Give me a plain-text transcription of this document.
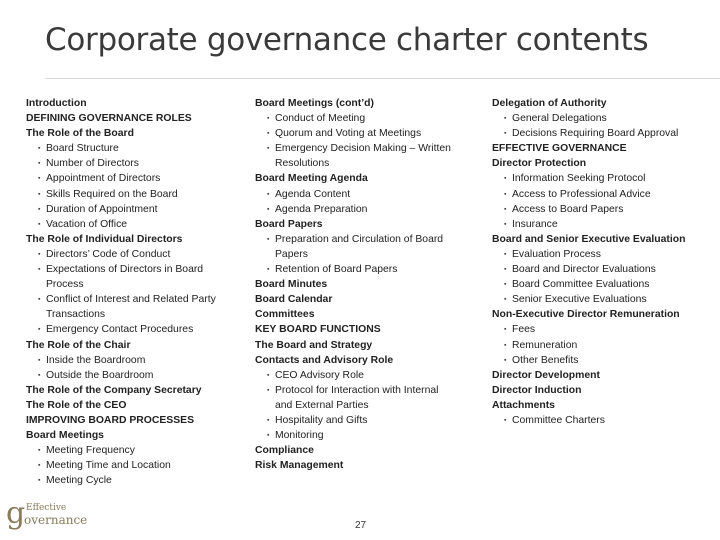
Corporate governance charter contents
Introduction
DEFINING GOVERNANCE ROLES
The Role of the Board
▪ Board Structure
▪ Number of Directors
▪ Appointment of Directors
▪ Skills Required on the Board
▪ Duration of Appointment
▪ Vacation of Office
The Role of Individual Directors
▪ Directors’ Code of Conduct
▪ Expectations of Directors in Board
Process
▪ Conflict of Interest and Related Party
Transactions
▪ Emergency Contact Procedures
The Role of the Chair
▪ Inside the Boardroom
▪ Outside the Boardroom
The Role of the Company Secretary
The Role of the CEO
IMPROVING BOARD PROCESSES
Board Meetings
▪ Meeting Frequency
▪ Meeting Time and Location
▪ Meeting Cycle
Board Meetings (cont’d)
▪ Conduct of Meeting
▪ Quorum and Voting at Meetings
▪ Emergency Decision Making – Written
Resolutions
Board Meeting Agenda
▪ Agenda Content
▪ Agenda Preparation
Board Papers
▪ Preparation and Circulation of Board
Papers
▪ Retention of Board Papers
Board Minutes
Board Calendar
Committees
KEY BOARD FUNCTIONS
The Board and Strategy
Contacts and Advisory Role
▪ CEO Advisory Role
▪ Protocol for Interaction with Internal
and External Parties
▪ Hospitality and Gifts
▪ Monitoring
Compliance
Risk Management
Delegation of Authority
▪ General Delegations
▪ Decisions Requiring Board Approval
EFFECTIVE GOVERNANCE
Director Protection
▪ Information Seeking Protocol
▪ Access to Professional Advice
▪ Access to Board Papers
▪ Insurance
Board and Senior Executive Evaluation
▪ Evaluation Process
▪ Board and Director Evaluations
▪ Board Committee Evaluations
▪ Senior Executive Evaluations
Non-Executive Director Remuneration
▪ Fees
▪ Remuneration
▪ Other Benefits
Director Development
Director Induction
Attachments
▪ Committee Charters
g Effective
overnance	27
